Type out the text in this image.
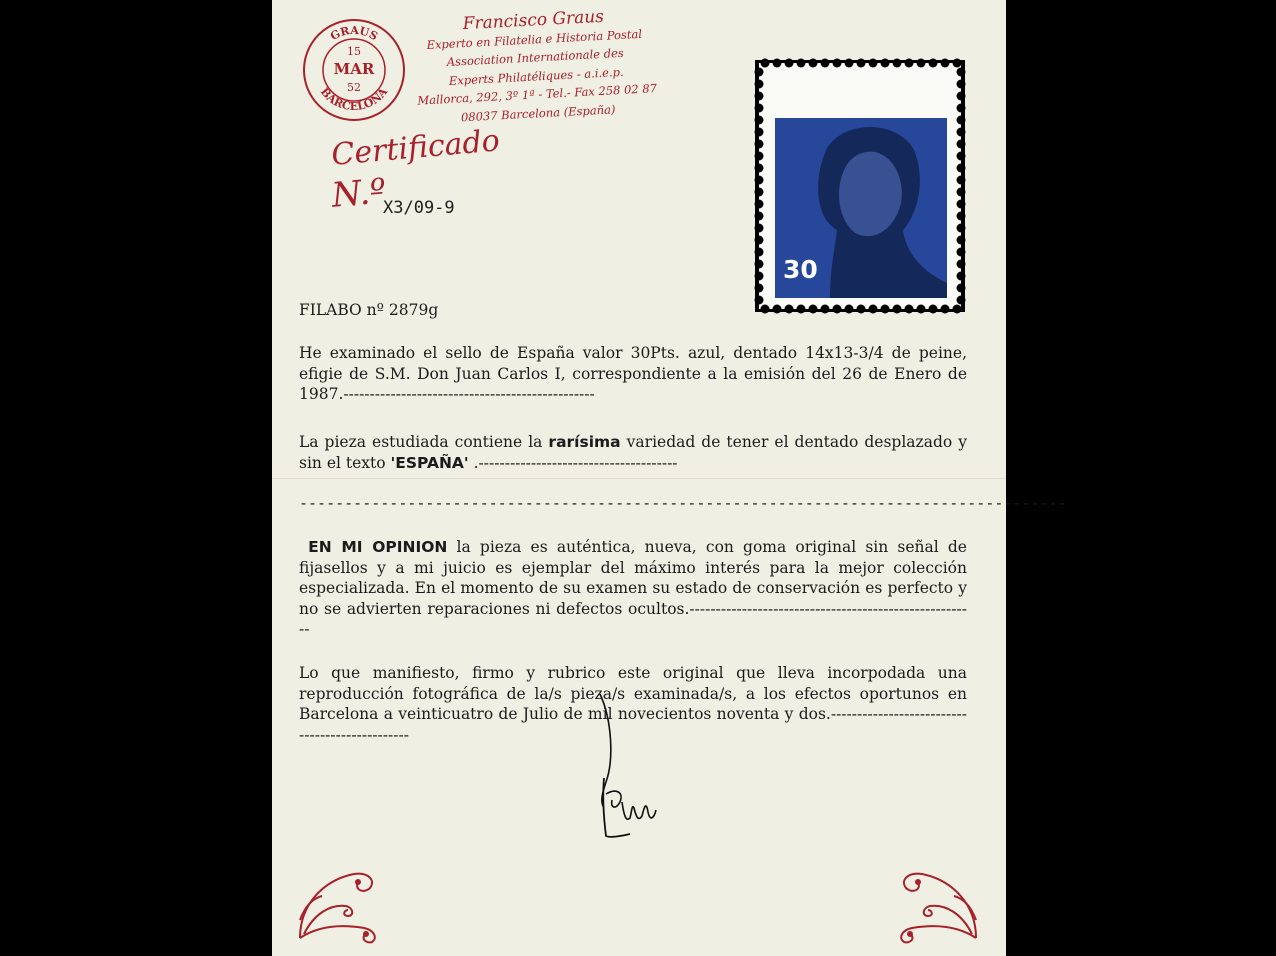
GRAUS
BARCELONA
15
MAR
52
Francisco Graus
Experto en Filatelia e Historia Postal
Association Internationale des
Experts Philatéliques - a.i.e.p.
Mallorca, 292, 3º 1ª - Tel.- Fax 258 02 87
08037 Barcelona (España)
Certificado
N.º
X3/09-9
30
FILABO nº 2879g
He examinado el sello de España valor 30Pts. azul, dentado 14x13-3/4 de peine, efigie de S.M. Don Juan Carlos I, correspondiente a la emisión del 26 de Enero de 1987.------------------------------------------------
La pieza estudiada contiene la rarísima variedad de tener el dentado desplazado y sin el texto 'ESPAÑA' .--------------------------------------
-------------------------------------------------------------------------------------
EN MI OPINION la pieza es auténtica, nueva, con goma original sin señal de fijasellos y a mi juicio es ejemplar del máximo interés para la mejor colección especializada. En el momento de su examen su estado de conservación es perfecto y no se advierten reparaciones ni defectos ocultos.-------------------------------------------------------
Lo que manifiesto, firmo y rubrico este original que lleva incorpodada una reproducción fotográfica de la/s pieza/s examinada/s, a los efectos oportunos en Barcelona a veinticuatro de Julio de mil novecientos noventa y dos.-----------------------------------------------
